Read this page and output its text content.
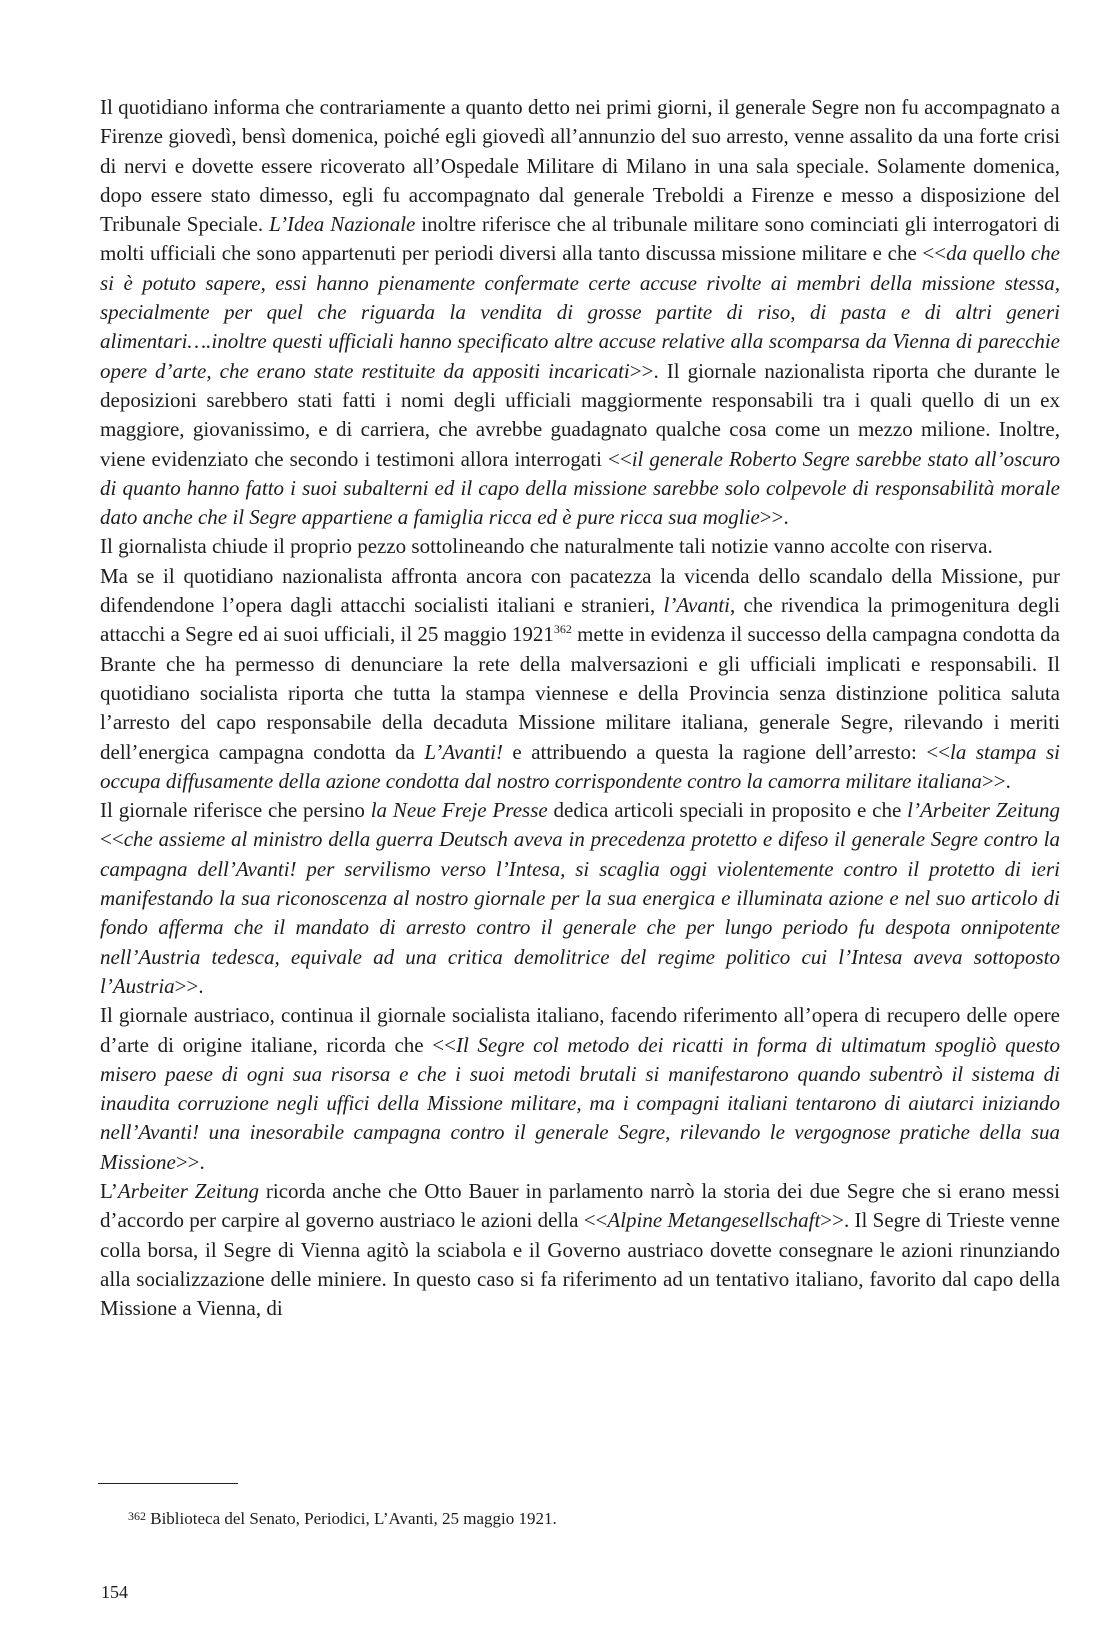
Il quotidiano informa che contrariamente a quanto detto nei primi giorni, il generale Segre non fu accompagnato a Firenze giovedì, bensì domenica, poiché egli giovedì all’annunzio del suo arresto, venne assalito da una forte crisi di nervi e dovette essere ricoverato all’Ospedale Militare di Milano in una sala speciale. Solamente domenica, dopo essere stato dimesso, egli fu accompagnato dal generale Treboldi a Firenze e messo a disposizione del Tribunale Speciale. L’Idea Nazionale inoltre riferisce che al tribunale militare sono cominciati gli interrogatori di molti ufficiali che sono appartenuti per periodi diversi alla tanto discussa missione militare e che <<da quello che si è potuto sapere, essi hanno pienamente confermate certe accuse rivolte ai membri della missione stessa, specialmente per quel che riguarda la vendita di grosse partite di riso, di pasta e di altri generi alimentari….inoltre questi ufficiali hanno specificato altre accuse relative alla scomparsa da Vienna di parecchie opere d’arte, che erano state restituite da appositi incaricati>>. Il giornale nazionalista riporta che durante le deposizioni sarebbero stati fatti i nomi degli ufficiali maggiormente responsabili tra i quali quello di un ex maggiore, giovanissimo, e di carriera, che avrebbe guadagnato qualche cosa come un mezzo milione. Inoltre, viene evidenziato che secondo i testimoni allora interrogati <<il generale Roberto Segre sarebbe stato all’oscuro di quanto hanno fatto i suoi subalterni ed il capo della missione sarebbe solo colpevole di responsabilità morale dato anche che il Segre appartiene a famiglia ricca ed è pure ricca sua moglie>>.

Il giornalista chiude il proprio pezzo sottolineando che naturalmente tali notizie vanno accolte con riserva.

Ma se il quotidiano nazionalista affronta ancora con pacatezza la vicenda dello scandalo della Missione, pur difendendone l’opera dagli attacchi socialisti italiani e stranieri, l’Avanti, che rivendica la primogenitura degli attacchi a Segre ed ai suoi ufficiali, il 25 maggio 1921$^{362}$ mette in evidenza il successo della campagna condotta da Brante che ha permesso di denunciare la rete della malversazioni e gli ufficiali implicati e responsabili. Il quotidiano socialista riporta che tutta la stampa viennese e della Provincia senza distinzione politica saluta l’arresto del capo responsabile della decaduta Missione militare italiana, generale Segre, rilevando i meriti dell’energica campagna condotta da L’Avanti! e attribuendo a questa la ragione dell’arresto: <<la stampa si occupa diffusamente della azione condotta dal nostro corrispondente contro la camorra militare italiana>>.

Il giornale riferisce che persino la Neue Freje Presse dedica articoli speciali in proposito e che l’Arbeiter Zeitung <<che assieme al ministro della guerra Deutsch aveva in precedenza protetto e difeso il generale Segre contro la campagna dell’Avanti! per servilismo verso l’Intesa, si scaglia oggi violentemente contro il protetto di ieri manifestando la sua riconoscenza al nostro giornale per la sua energica e illuminata azione e nel suo articolo di fondo afferma che il mandato di arresto contro il generale che per lungo periodo fu despota onnipotente nell’Austria tedesca, equivale ad una critica demolitrice del regime politico cui l’Intesa aveva sottoposto l’Austria>>.

Il giornale austriaco, continua il giornale socialista italiano, facendo riferimento all’opera di recupero delle opere d’arte di origine italiane, ricorda che <<Il Segre col metodo dei ricatti in forma di ultimatum spogliò questo misero paese di ogni sua risorsa e che i suoi metodi brutali si manifestarono quando subentrò il sistema di inaudita corruzione negli uffici della Missione militare, ma i compagni italiani tentarono di aiutarci iniziando nell’Avanti! una inesorabile campagna contro il generale Segre, rilevando le vergognose pratiche della sua Missione>>.

L’Arbeiter Zeitung ricorda anche che Otto Bauer in parlamento narrò la storia dei due Segre che si erano messi d’accordo per carpire al governo austriaco le azioni della <<Alpine Metangesellschaft>>. Il Segre di Trieste venne colla borsa, il Segre di Vienna agitò la sciabola e il Governo austriaco dovette consegnare le azioni rinunziando alla socializzazione delle miniere. In questo caso si fa riferimento ad un tentativo italiano, favorito dal capo della Missione a Vienna, di

$^{362}$ Biblioteca del Senato, Periodici, L’Avanti, 25 maggio 1921.
154
